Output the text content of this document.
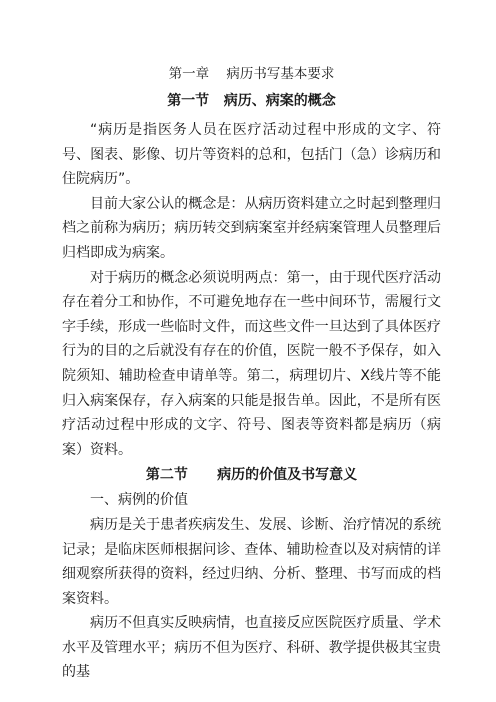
第一章    病历书写基本要求
第一节   病历、病案的概念

“病历是指医务人员在医疗活动过程中形成的文字、符号、图表、影像、切片等资料的总和，包括门（急）诊病历和住院病历”。

目前大家公认的概念是：从病历资料建立之时起到整理归档之前称为病历；病历转交到病案室并经病案管理人员整理后归档即成为病案。

对于病历的概念必须说明两点：第一，由于现代医疗活动存在着分工和协作，不可避免地存在一些中间环节，需履行文字手续，形成一些临时文件，而这些文件一旦达到了具体医疗行为的目的之后就没有存在的价值，医院一般不予保存，如入院须知、辅助检查申请单等。第二，病理切片、X线片等不能归入病案保存，存入病案的只能是报告单。因此，不是所有医疗活动过程中形成的文字、符号、图表等资料都是病历（病案）资料。

第二节      病历的价值及书写意义

一、病例的价值

病历是关于患者疾病发生、发展、诊断、治疗情况的系统记录；是临床医师根据问诊、查体、辅助检查以及对病情的详细观察所获得的资料，经过归纳、分析、整理、书写而成的档案资料。

病历不但真实反映病情，也直接反应医院医疗质量、学术水平及管理水平；病历不但为医疗、科研、教学提供极其宝贵的基
